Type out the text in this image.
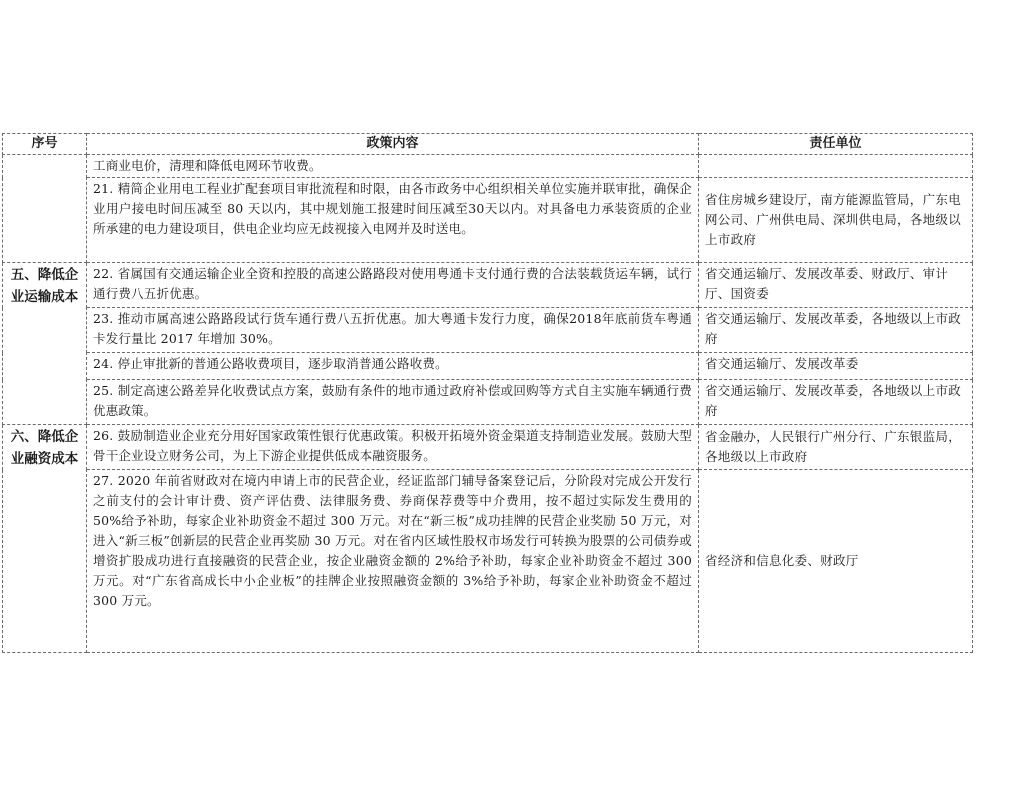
序号	政策内容	责任单位
	工商业电价，清理和降低电网环节收费。	
	21. 精简企业用电工程业扩配套项目审批流程和时限，由各市政务中心组织相关单位实施并联审批，确保企业用户接电时间压减至 80 天以内，其中规划施工报建时间压减至30天以内。对具备电力承装资质的企业所承建的电力建设项目，供电企业均应无歧视接入电网并及时送电。	省住房城乡建设厅，南方能源监管局，广东电网公司、广州供电局、深圳供电局，各地级以上市政府
五、降低企业运输成本	22. 省属国有交通运输企业全资和控股的高速公路路段对使用粤通卡支付通行费的合法装载货运车辆，试行通行费八五折优惠。	省交通运输厅、发展改革委、财政厅、审计厅、国资委
	23. 推动市属高速公路路段试行货车通行费八五折优惠。加大粤通卡发行力度，确保2018年底前货车粤通卡发行量比 2017 年增加 30%。	省交通运输厅、发展改革委，各地级以上市政府
	24. 停止审批新的普通公路收费项目，逐步取消普通公路收费。	省交通运输厅、发展改革委
	25. 制定高速公路差异化收费试点方案，鼓励有条件的地市通过政府补偿或回购等方式自主实施车辆通行费优惠政策。	省交通运输厅、发展改革委，各地级以上市政府
六、降低企业融资成本	26. 鼓励制造业企业充分用好国家政策性银行优惠政策。积极开拓境外资金渠道支持制造业发展。鼓励大型骨干企业设立财务公司，为上下游企业提供低成本融资服务。	省金融办，人民银行广州分行、广东银监局，各地级以上市政府
	27. 2020 年前省财政对在境内申请上市的民营企业，经证监部门辅导备案登记后，分阶段对完成公开发行之前支付的会计审计费、资产评估费、法律服务费、券商保荐费等中介费用，按不超过实际发生费用的 50%给予补助，每家企业补助资金不超过 300 万元。对在“新三板”成功挂牌的民营企业奖励 50 万元，对进入“新三板”创新层的民营企业再奖励 30 万元。对在省内区域性股权市场发行可转换为股票的公司债券或增资扩股成功进行直接融资的民营企业，按企业融资金额的 2%给予补助，每家企业补助资金不超过 300万元。对“广东省高成长中小企业板”的挂牌企业按照融资金额的 3%给予补助，每家企业补助资金不超过 300 万元。	省经济和信息化委、财政厅
